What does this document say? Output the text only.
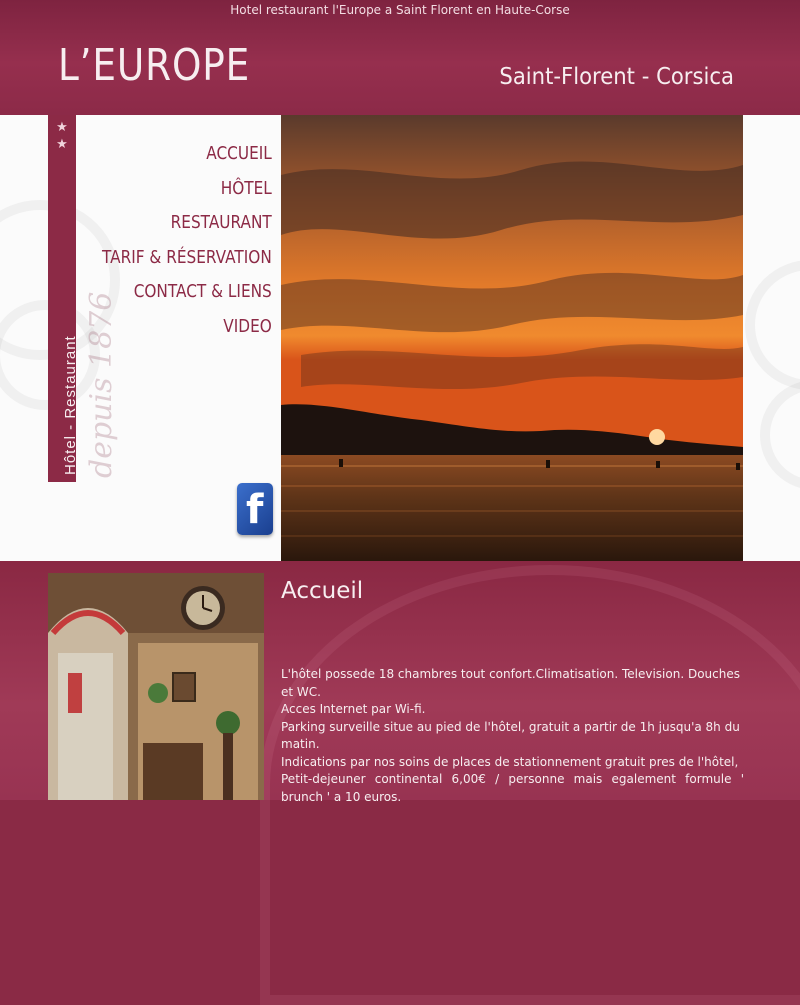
Hotel restaurant l'Europe a Saint Florent en Haute-Corse
L’EUROPE	Saint-Florent - Corsica
★ ★
Hôtel - Restaurant depuis 1876
ACCUEIL
HÔTEL
RESTAURANT
TARIF & RÉSERVATION
CONTACT & LIENS
VIDEO
f
Accueil

L'hôtel possede 18 chambres tout confort.Climatisation. Television. Douches et WC.

Acces Internet par Wi-fi.

Parking surveille situe au pied de l'hôtel, gratuit a partir de 1h jusqu'a 8h du matin.

Indications par nos soins de places de stationnement gratuit pres de l'hôtel,

Petit-dejeuner continental 6,00€ / personne mais egalement formule ' brunch ' a 10 euros.
